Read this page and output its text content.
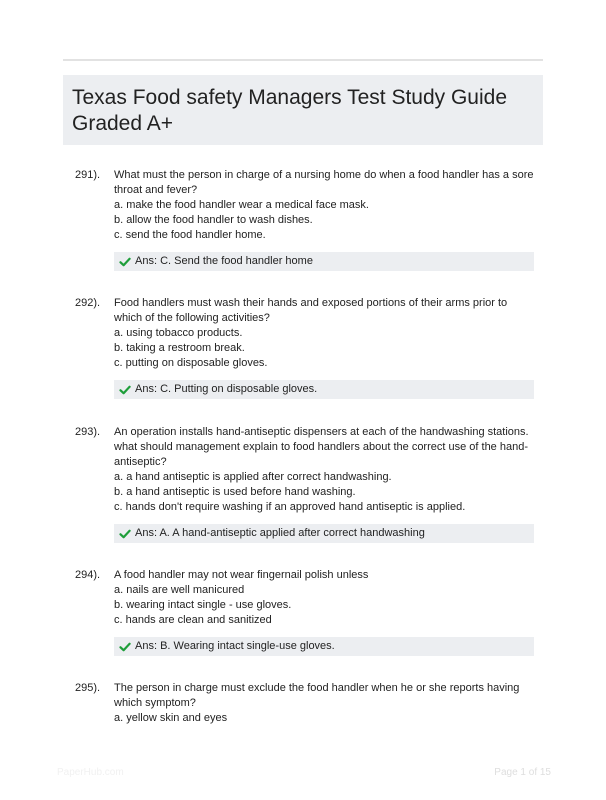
Texas Food safety Managers Test Study Guide Graded A+
291).	What must the person in charge of a nursing home do when a food handler has a sore throat and fever?

a. make the food handler wear a medical face mask.

b. allow the food handler to wash dishes.

c. send the food handler home.

Ans: C. Send the food handler home
292).	Food handlers must wash their hands and exposed portions of their arms prior to which of the following activities?

a. using tobacco products.

b. taking a restroom break.

c. putting on disposable gloves.

Ans: C. Putting on disposable gloves.
293).	An operation installs hand-antiseptic dispensers at each of the handwashing stations. what should management explain to food handlers about the correct use of the hand-antiseptic?

a. a hand antiseptic is applied after correct handwashing.

b. a hand antiseptic is used before hand washing.

c. hands don't require washing if an approved hand antiseptic is applied.

Ans: A. A hand-antiseptic applied after correct handwashing
294).	A food handler may not wear fingernail polish unless

a. nails are well manicured

b. wearing intact single - use gloves.

c. hands are clean and sanitized

Ans: B. Wearing intact single-use gloves.
295).	The person in charge must exclude the food handler when he or she reports having which symptom?

a. yellow skin and eyes

PaperHub.com	Page 1 of 15
